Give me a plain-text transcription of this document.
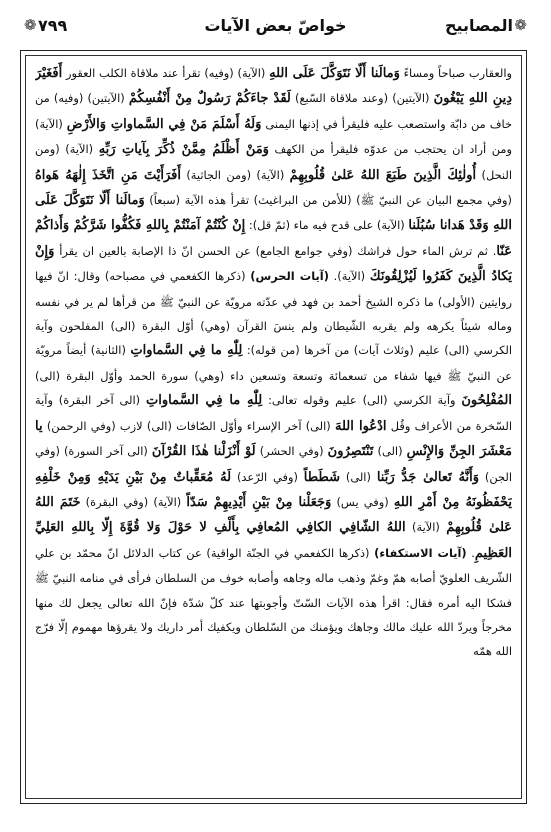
❁
المصابيح
خواصّ بعض الآيات
٧٩٩
❁

والعقارب صباحاً ومساءً وَمالَنا أَلّا نَتَوَكَّلَ عَلَى اللهِ (الآية) (وفيه) تقرأ عند ملاقاة الكلب العقور أَفَغَيْرَ دِينِ اللهِ يَبْغُونَ (الآيتين) (وعند ملاقاة السّبع) لَقَدْ جاءَكُمْ رَسُولٌ مِنْ أَنْفُسِكُمْ (الآيتين) (وفيه) من خاف من دابّة واستصعب عليه فليقرأ في إذنها اليمنى وَلَهُ أَسْلَمَ مَنْ فِي السَّماواتِ وَالأَرْضِ (الآية) ومن أراد ان يحتجب من عدوّه فليقرأ من الكهف وَمَنْ أَظْلَمُ مِمَّنْ ذُكِّرَ بِآياتِ رَبِّهِ (الآية) (ومن النحل) أُولٰئِكَ الَّذِينَ طَبَعَ اللهُ عَلىٰ قُلُوبِهِمْ (الآية) (ومن الجاثية) أَفَرَأَيْتَ مَنِ اتَّخَذَ إِلٰهَهُ هَواهُ (وفي مجمع البيان عن النبيّ ﷺ) (للأمن من البراغيث) تقرأ هذه الآية (سبعاً) وَمالَنا أَلّا نَتَوَكَّلَ عَلَى اللهِ وَقَدْ هَدانا سُبُلَنا (الآية) على قدح فيه ماء (ثمّ قل): إِنْ كُنْتُمْ آمَنْتُمْ بِاللهِ فَكُفُّوا شَرَّكُمْ وَأَذاكُمْ عَنّا. ثم ترش الماء حول فراشك (وفي جوامع الجامع) عن الحسن انّ ذا الإصابة بالعين ان يقرأ وَإِنْ يَكادُ الَّذِينَ كَفَرُوا لَيُزْلِقُونَكَ (الآية). (آيات الحرس) (ذكرها الكفعمي في مصباحه) وقال: انّ فيها روايتين (الأولى) ما ذكره الشيخ أحمد بن فهد في عدّته مرويّة عن النبيّ ﷺ من قرأها لم ير في نفسه وماله شيئاً يكرهه ولم يقربه الشّيطان ولم ينسَ القرآن (وهي) أوّل البقرة (الى) المفلحون وآية الكرسي (الى) عليم (وثلاث آيات) من آخرها (من قوله): لِلّٰهِ ما فِي السَّماواتِ (الثانية) أيضاً مرويّة عن النبيّ ﷺ فيها شفاء من تسعمائة وتسعة وتسعين داء (وهي) سورة الحمد وأوّل البقرة (الى) المُفْلِحُونَ وآية الكرسي (الى) عليم وقوله تعالى: لِلّٰهِ ما فِي السَّماواتِ (الى آخر البقرة) وآية السّخرة من الأعراف وقُل ادْعُوا اللهَ (الى) آخر الإسراء وأوّل الصّافات (الى) لازب (وفي الرحمن) يا مَعْشَرَ الجِنِّ وَالإِنْسِ (الى) تَنْتَصِرُونَ (وفي الحشر) لَوْ أَنْزَلْنا هٰذَا القُرْآنَ (الى آخر السورة) (وفي الجن) وَأَنَّهُ تَعالىٰ جَدُّ رَبِّنا (الى) شَطَطاً (وفي الرّعد) لَهُ مُعَقِّباتٌ مِنْ بَيْنِ يَدَيْهِ وَمِنْ خَلْفِهِ يَحْفَظُونَهُ مِنْ أَمْرِ اللهِ (وفي يس) وَجَعَلْنا مِنْ بَيْنِ أَيْدِيهِمْ سَدّاً (الآية) (وفي البقرة) خَتَمَ اللهُ عَلىٰ قُلُوبِهِمْ (الآية) اللهُ الشّافِي الكافِي المُعافِي بِأَلْفِ لا حَوْلَ وَلا قُوَّةَ إِلّا بِاللهِ العَلِيِّ العَظِيمِ. (آيات الاستكفاء) (ذكرها الكفعمي في الجنّة الواقية) عن كتاب الدلائل انّ محمّد بن علي الشّريف العلويّ أصابه همّ وغمّ وذهب ماله وجاهه وأصابه خوف من السلطان فرأى في منامه النبيّ ﷺ فشكا اليه أمره فقال: اقرأ هذه الآيات السّتّ وأجوبتها عند كلّ شدّة فإنّ الله تعالى يجعل لك منها مخرجاً ويردّ الله عليك مالك وجاهك ويؤمنك من السّلطان ويكفيك أمر داريك ولا يقرؤها مهموم إلّا فرّج الله همّه
